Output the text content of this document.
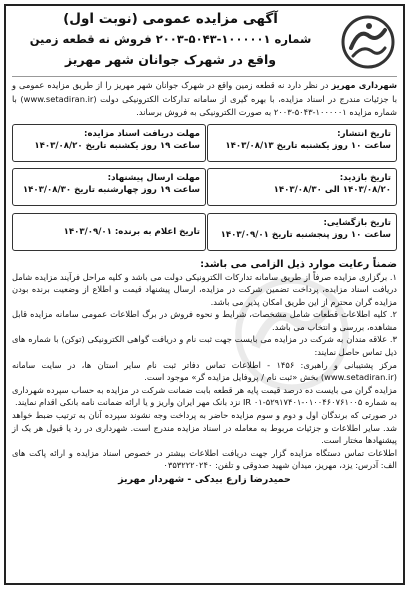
آگهی مزایده عمومی (نوبت اول)
شماره ۱۰۰۰۰۰۱-۵۰۴۳-۲۰۰۳ فروش نه قطعه زمین
واقع در شهرک جوانان شهر مهریز
شهرداری مهریز در نظر دارد نه قطعه زمین واقع در شهرک جوانان شهر مهریز را از طریق مزایده عمومی و با جزئیات مندرج در اسناد مزایده، با بهره گیری از سامانه تدارکات الکترونیکی دولت (www.setadiran.ir) با شماره مزایده ۱۰۰۰۰۰۱-۵۰۴۳-۲۰۰۳ به صورت الکترونیکی به فروش برساند.
تاریخ انتشار:
ساعت ۱۰ روز یکشنبه تاریخ ۱۴۰۳/۰۸/۱۳
تاریخ بازدید:
۱۴۰۳/۰۸/۲۰ الی ۱۴۰۳/۰۸/۳۰
تاریخ بازگشایی:
ساعت ۱۰ روز پنجشنبه تاریخ ۱۴۰۳/۰۹/۰۱
مهلت دریافت اسناد مزایده:
ساعت ۱۹ روز یکشنبه تاریخ ۱۴۰۳/۰۸/۲۰
مهلت ارسال پیشنهاد:
ساعت ۱۹ روز چهارشنبه تاریخ ۱۴۰۳/۰۸/۳۰
تاریخ اعلام به برنده: ۱۴۰۳/۰۹/۰۱
ضمناً رعایت موارد ذیل الزامی می باشد:

۱. برگزاری مزایده صرفاً از طریق سامانه تدارکات الکترونیکی دولت می باشد و کلیه مراحل فرآیند مزایده شامل دریافت اسناد مزایده، پرداخت تضمین شرکت در مزایده، ارسال پیشنهاد قیمت و اطلاع از وضعیت برنده بودن مزایده گران محترم از این طریق امکان پذیر می باشد.

۲. کلیه اطلاعات قطعات شامل مشخصات، شرایط و نحوه فروش در برگ اطلاعات عمومی سامانه مزایده قابل مشاهده، بررسی و انتخاب می باشد.

۳. علاقه مندان به شرکت در مزایده می بایست جهت ثبت نام و دریافت گواهی الکترونیکی (توکن) با شماره های ذیل تماس حاصل نمایند:

مرکز پشتیبانی و راهبری: ۱۴۵۶ - اطلاعات تماس دفاتر ثبت نام سایر استان ها، در سایت سامانه (www.setadiran.ir) بخش «ثبت نام / پروفایل مزایده گر» موجود است.

مزایده گران می بایست ده درصد قیمت پایه هر قطعه بابت ضمانت شرکت در مزایده به حساب سپرده شهرداری به شماره ۰۱۰۰۴۶۰۷۶۱۰۰۵-۵۲۹۱۷۴۰۱-۰۱ IR نزد بانک مهر ایران واریز و یا ارائه ضمانت نامه بانکی اقدام نمایند.

در صورتی که برندگان اول و دوم و سوم مزایده حاضر به پرداخت وجه نشوند سپرده آنان به ترتیب ضبط خواهد شد. سایر اطلاعات و جزئیات مربوط به معامله در اسناد مزایده مندرج است. شهرداری در رد یا قبول هر یک از پیشنهادها مختار است.

اطلاعات تماس دستگاه مزایده گزار جهت دریافت اطلاعات بیشتر در خصوص اسناد مزایده و ارائه پاکت های الف: آدرس: یزد، مهریز، میدان شهید صدوقی و تلفن: ۰۳۵۳۲۲۲۰۲۴۰

حمیدرضا زارع بیدکی - شهردار مهریز
